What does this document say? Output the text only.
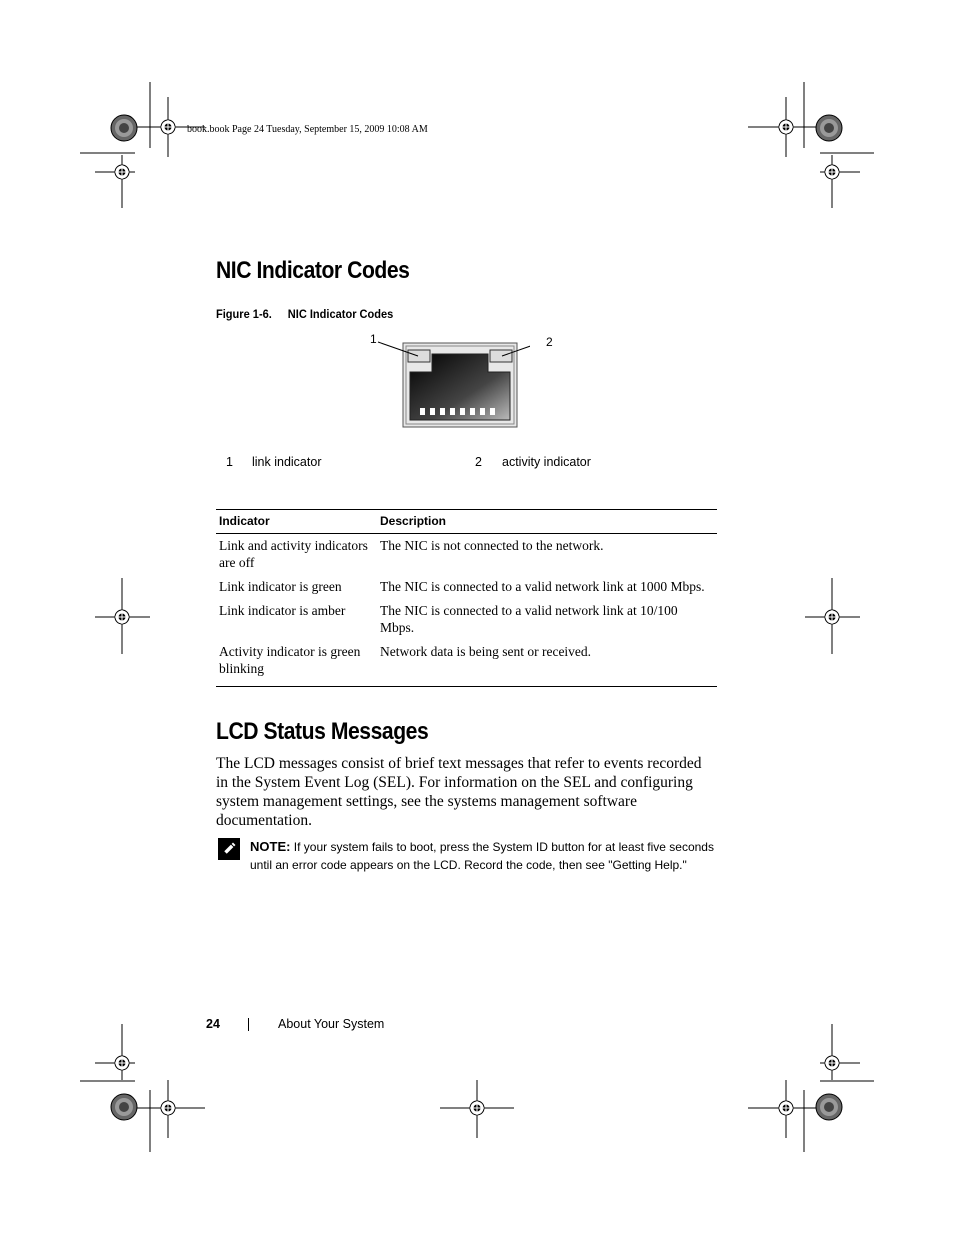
book.book Page 24 Tuesday, September 15, 2009 10:08 AM
NIC Indicator Codes
Figure 1-6. NIC Indicator Codes
1	2
1 link indicator	2 activity indicator
Indicator	Description
Link and activity indicators are off	The NIC is not connected to the network.
Link indicator is green	The NIC is connected to a valid network link at 1000 Mbps.
Link indicator is amber	The NIC is connected to a valid network link at 10/100 Mbps.
Activity indicator is green blinking	Network data is being sent or received.
LCD Status Messages
The LCD messages consist of brief text messages that refer to events recorded in the System Event Log (SEL). For information on the SEL and configuring system management settings, see the systems management software documentation.
NOTE: If your system fails to boot, press the System ID button for at least five seconds until an error code appears on the LCD. Record the code, then see "Getting Help."
24	About Your System
